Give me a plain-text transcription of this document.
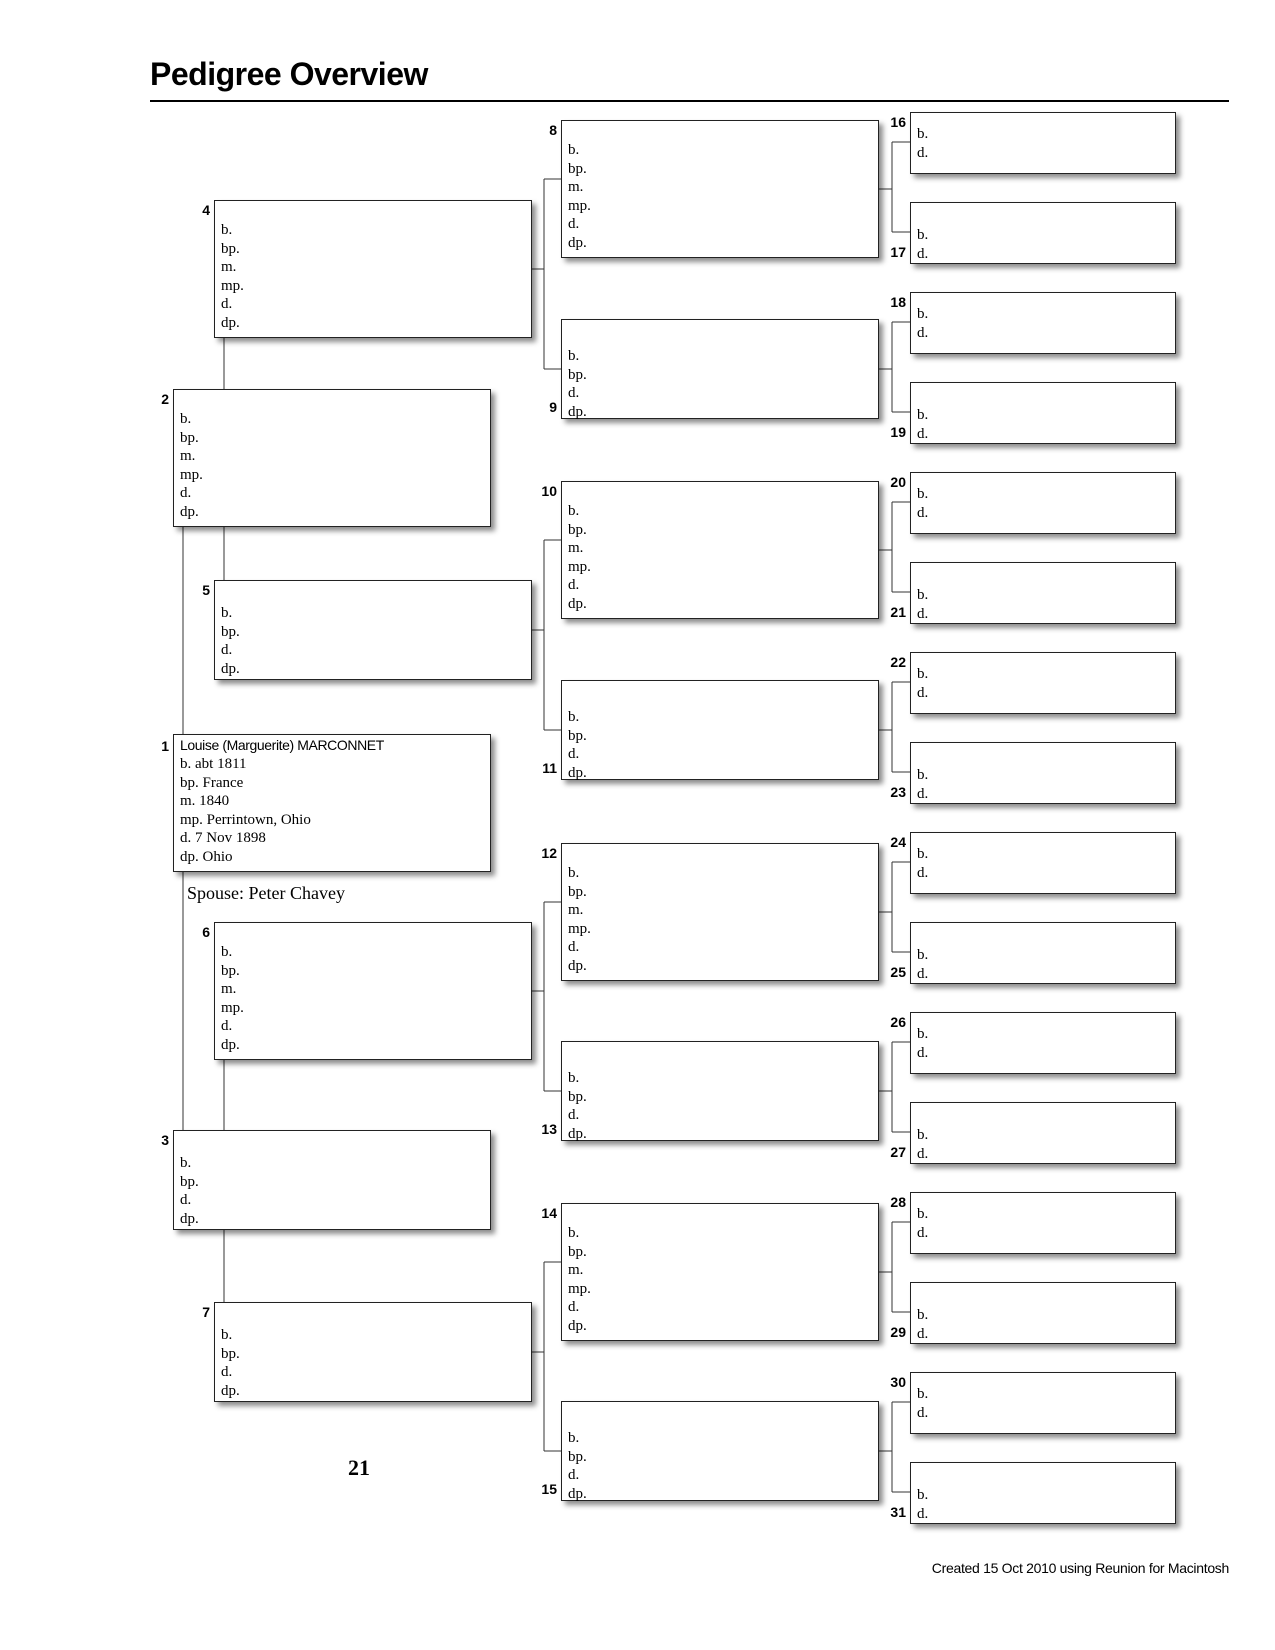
Pedigree Overview
Louise (Marguerite) MARCONNET
b. abt 1811
bp. France
m. 1840
mp. Perrintown, Ohio
d. 7 Nov 1898
dp. Ohio
1
b.
bp.
m.
mp.
d.
dp.
2
b.
bp.
d.
dp.
3
b.
bp.
m.
mp.
d.
dp.
4
b.
bp.
d.
dp.
5
b.
bp.
m.
mp.
d.
dp.
6
b.
bp.
d.
dp.
7
b.
bp.
m.
mp.
d.
dp.
8
b.
bp.
d.
dp.
9
b.
bp.
m.
mp.
d.
dp.
10
b.
bp.
d.
dp.
11
b.
bp.
m.
mp.
d.
dp.
12
b.
bp.
d.
dp.
13
b.
bp.
m.
mp.
d.
dp.
14
b.
bp.
d.
dp.
15
b.
d.
16
b.
d.
17
b.
d.
18
b.
d.
19
b.
d.
20
b.
d.
21
b.
d.
22
b.
d.
23
b.
d.
24
b.
d.
25
b.
d.
26
b.
d.
27
b.
d.
28
b.
d.
29
b.
d.
30
b.
d.
31
Spouse: Peter Chavey
21
Created 15 Oct 2010 using Reunion for Macintosh
